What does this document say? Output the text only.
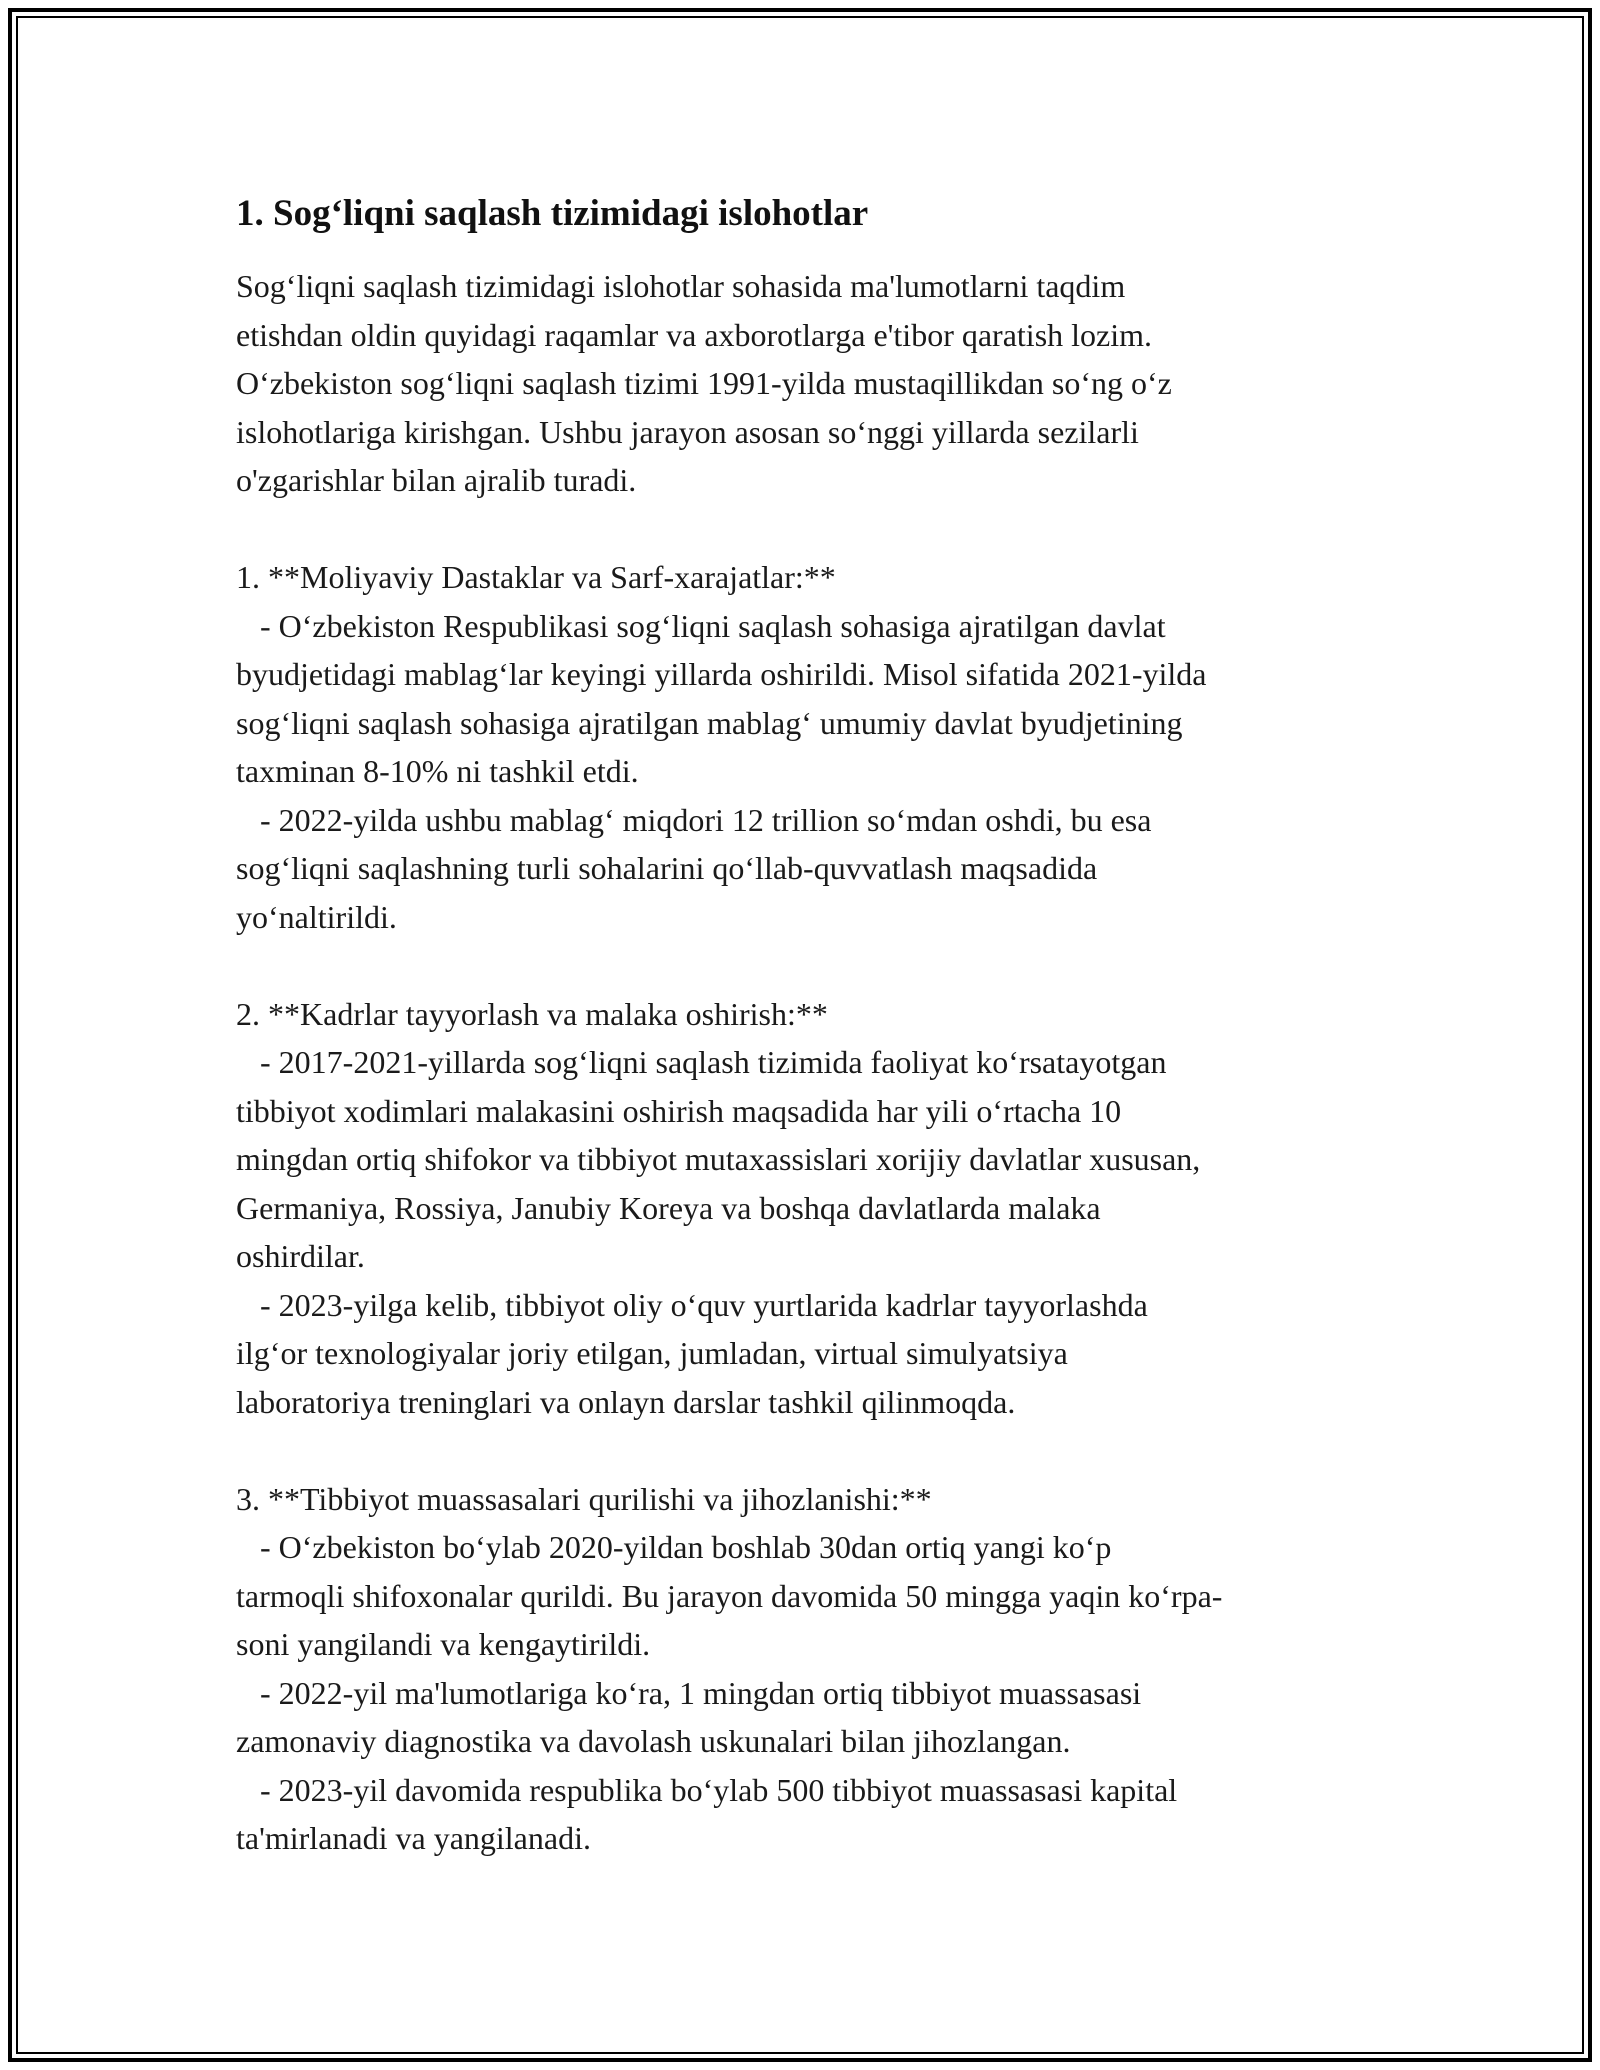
1. Sog‘liqni saqlash tizimidagi islohotlar

Sog‘liqni saqlash tizimidagi islohotlar sohasida ma'lumotlarni taqdim

etishdan oldin quyidagi raqamlar va axborotlarga e'tibor qaratish lozim.

O‘zbekiston sog‘liqni saqlash tizimi 1991-yilda mustaqillikdan so‘ng o‘z

islohotlariga kirishgan. Ushbu jarayon asosan so‘nggi yillarda sezilarli

o'zgarishlar bilan ajralib turadi.

1. **Moliyaviy Dastaklar va Sarf-xarajatlar:**

- O‘zbekiston Respublikasi sog‘liqni saqlash sohasiga ajratilgan davlat

byudjetidagi mablag‘lar keyingi yillarda oshirildi. Misol sifatida 2021-yilda

sog‘liqni saqlash sohasiga ajratilgan mablag‘ umumiy davlat byudjetining

taxminan 8-10% ni tashkil etdi.

- 2022-yilda ushbu mablag‘ miqdori 12 trillion so‘mdan oshdi, bu esa

sog‘liqni saqlashning turli sohalarini qo‘llab-quvvatlash maqsadida

yo‘naltirildi.

2. **Kadrlar tayyorlash va malaka oshirish:**

- 2017-2021-yillarda sog‘liqni saqlash tizimida faoliyat ko‘rsatayotgan

tibbiyot xodimlari malakasini oshirish maqsadida har yili o‘rtacha 10

mingdan ortiq shifokor va tibbiyot mutaxassislari xorijiy davlatlar xususan,

Germaniya, Rossiya, Janubiy Koreya va boshqa davlatlarda malaka

oshirdilar.

- 2023-yilga kelib, tibbiyot oliy o‘quv yurtlarida kadrlar tayyorlashda

ilg‘or texnologiyalar joriy etilgan, jumladan, virtual simulyatsiya

laboratoriya treninglari va onlayn darslar tashkil qilinmoqda.

3. **Tibbiyot muassasalari qurilishi va jihozlanishi:**

- O‘zbekiston bo‘ylab 2020-yildan boshlab 30dan ortiq yangi ko‘p

tarmoqli shifoxonalar qurildi. Bu jarayon davomida 50 mingga yaqin ko‘rpa-

soni yangilandi va kengaytirildi.

- 2022-yil ma'lumotlariga ko‘ra, 1 mingdan ortiq tibbiyot muassasasi

zamonaviy diagnostika va davolash uskunalari bilan jihozlangan.

- 2023-yil davomida respublika bo‘ylab 500 tibbiyot muassasasi kapital

ta'mirlanadi va yangilanadi.
